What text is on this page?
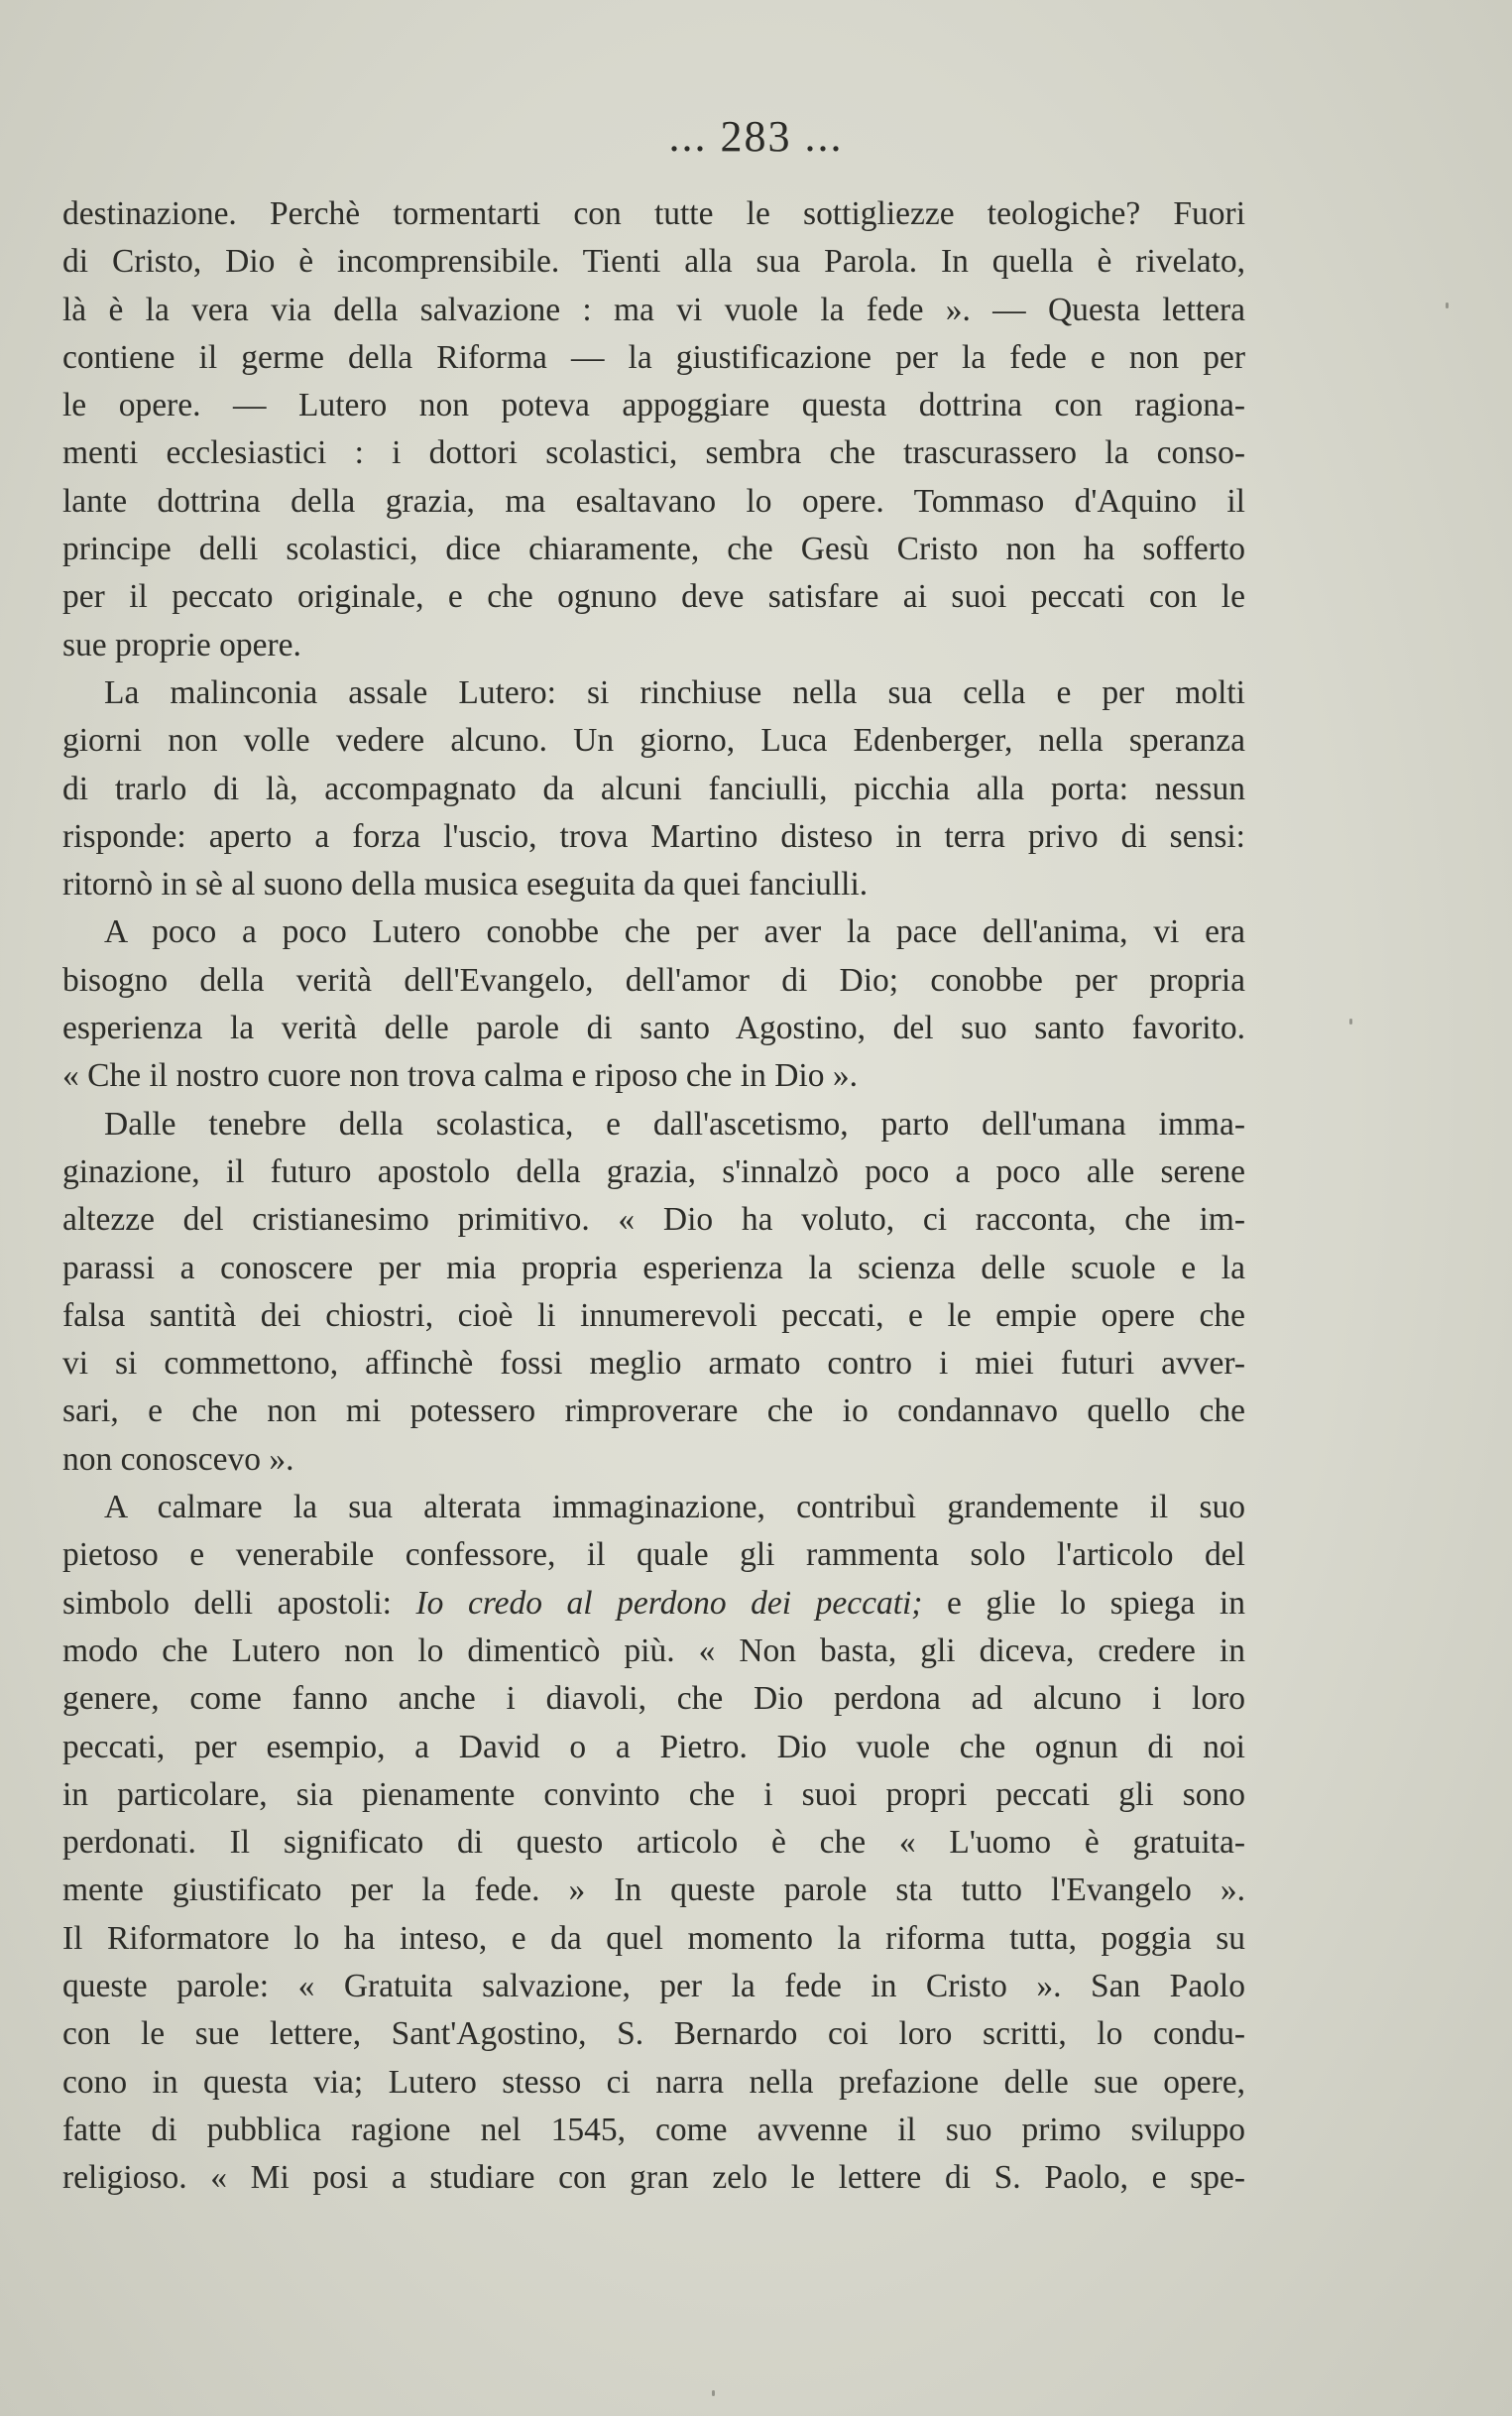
... 283 ...

destinazione. Perchè tormentarti con tutte le sottigliezze teologiche? Fuori

di Cristo, Dio è incomprensibile. Tienti alla sua Parola. In quella è rivelato,

là è la vera via della salvazione : ma vi vuole la fede ». — Questa lettera

contiene il germe della Riforma — la giustificazione per la fede e non per

le opere. — Lutero non poteva appoggiare questa dottrina con ragiona-

menti ecclesiastici : i dottori scolastici, sembra che trascurassero la conso-

lante dottrina della grazia, ma esaltavano lo opere. Tommaso d'Aquino il

principe delli scolastici, dice chiaramente, che Gesù Cristo non ha sofferto

per il peccato originale, e che ognuno deve satisfare ai suoi peccati con le

sue proprie opere.

La malinconia assale Lutero: si rinchiuse nella sua cella e per molti

giorni non volle vedere alcuno. Un giorno, Luca Edenberger, nella speranza

di trarlo di là, accompagnato da alcuni fanciulli, picchia alla porta: nessun

risponde: aperto a forza l'uscio, trova Martino disteso in terra privo di sensi:

ritornò in sè al suono della musica eseguita da quei fanciulli.

A poco a poco Lutero conobbe che per aver la pace dell'anima, vi era

bisogno della verità dell'Evangelo, dell'amor di Dio; conobbe per propria

esperienza la verità delle parole di santo Agostino, del suo santo favorito.

« Che il nostro cuore non trova calma e riposo che in Dio ».

Dalle tenebre della scolastica, e dall'ascetismo, parto dell'umana imma-

ginazione, il futuro apostolo della grazia, s'innalzò poco a poco alle serene

altezze del cristianesimo primitivo. « Dio ha voluto, ci racconta, che im-

parassi a conoscere per mia propria esperienza la scienza delle scuole e la

falsa santità dei chiostri, cioè li innumerevoli peccati, e le empie opere che

vi si commettono, affinchè fossi meglio armato contro i miei futuri avver-

sari, e che non mi potessero rimproverare che io condannavo quello che

non conoscevo ».

A calmare la sua alterata immaginazione, contribuì grandemente il suo

pietoso e venerabile confessore, il quale gli rammenta solo l'articolo del

simbolo delli apostoli: Io credo al perdono dei peccati; e glie lo spiega in

modo che Lutero non lo dimenticò più. « Non basta, gli diceva, credere in

genere, come fanno anche i diavoli, che Dio perdona ad alcuno i loro

peccati, per esempio, a David o a Pietro. Dio vuole che ognun di noi

in particolare, sia pienamente convinto che i suoi propri peccati gli sono

perdonati. Il significato di questo articolo è che « L'uomo è gratuita-

mente giustificato per la fede. » In queste parole sta tutto l'Evangelo ».

Il Riformatore lo ha inteso, e da quel momento la riforma tutta, poggia su

queste parole: « Gratuita salvazione, per la fede in Cristo ». San Paolo

con le sue lettere, Sant'Agostino, S. Bernardo coi loro scritti, lo condu-

cono in questa via; Lutero stesso ci narra nella prefazione delle sue opere,

fatte di pubblica ragione nel 1545, come avvenne il suo primo sviluppo

religioso. « Mi posi a studiare con gran zelo le lettere di S. Paolo, e spe-
